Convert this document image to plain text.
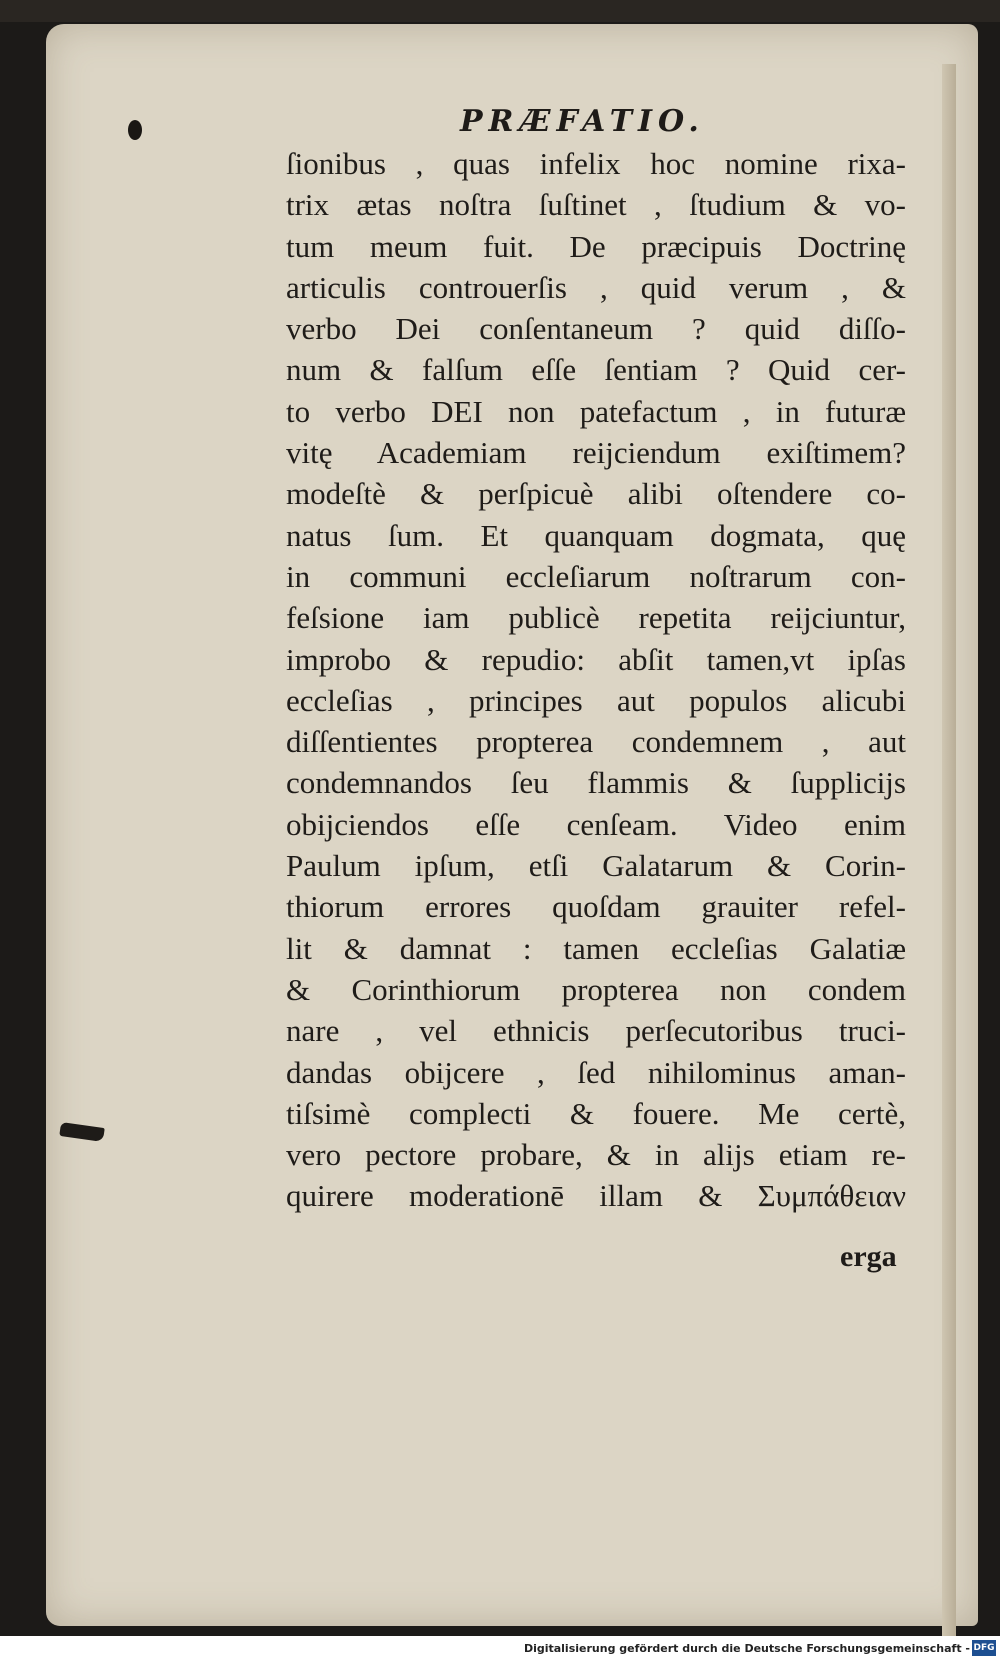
PRÆFATIO.
ſionibus , quas infelix hoc nomine rixa-
trix ætas noſtra ſuſtinet , ſtudium & vo-
tum meum fuit. De præcipuis Doctrinę
articulis controuerſis , quid verum , &
verbo Dei conſentaneum ? quid diſſo-
num & falſum eſſe ſentiam ? Quid cer-
to verbo DEI non patefactum , in futuræ
vitę Academiam reijciendum exiſtimem?
modeſtè & perſpicuè alibi oſtendere co-
natus ſum. Et quanquam dogmata, quę
in communi eccleſiarum noſtrarum con-
feſsione iam publicè repetita reijciuntur,
improbo & repudio: abſit tamen,vt ipſas
eccleſias , principes aut populos alicubi
diſſentientes propterea condemnem , aut
condemnandos ſeu flammis & ſupplicijs
obijciendos eſſe cenſeam. Video enim
Paulum ipſum, etſi Galatarum & Corin-
thiorum errores quoſdam grauiter refel-
lit & damnat : tamen eccleſias Galatiæ
& Corinthiorum propterea non condem
nare , vel ethnicis perſecutoribus truci-
dandas obijcere , ſed nihilominus aman-
tiſsimè complecti & fouere. Me certè,
vero pectore probare, & in alijs etiam re-
quirere moderationē illam & Συμπάθειαν
erga
Digitalisierung gefördert durch die Deutsche Forschungsgemeinschaft - DFG
